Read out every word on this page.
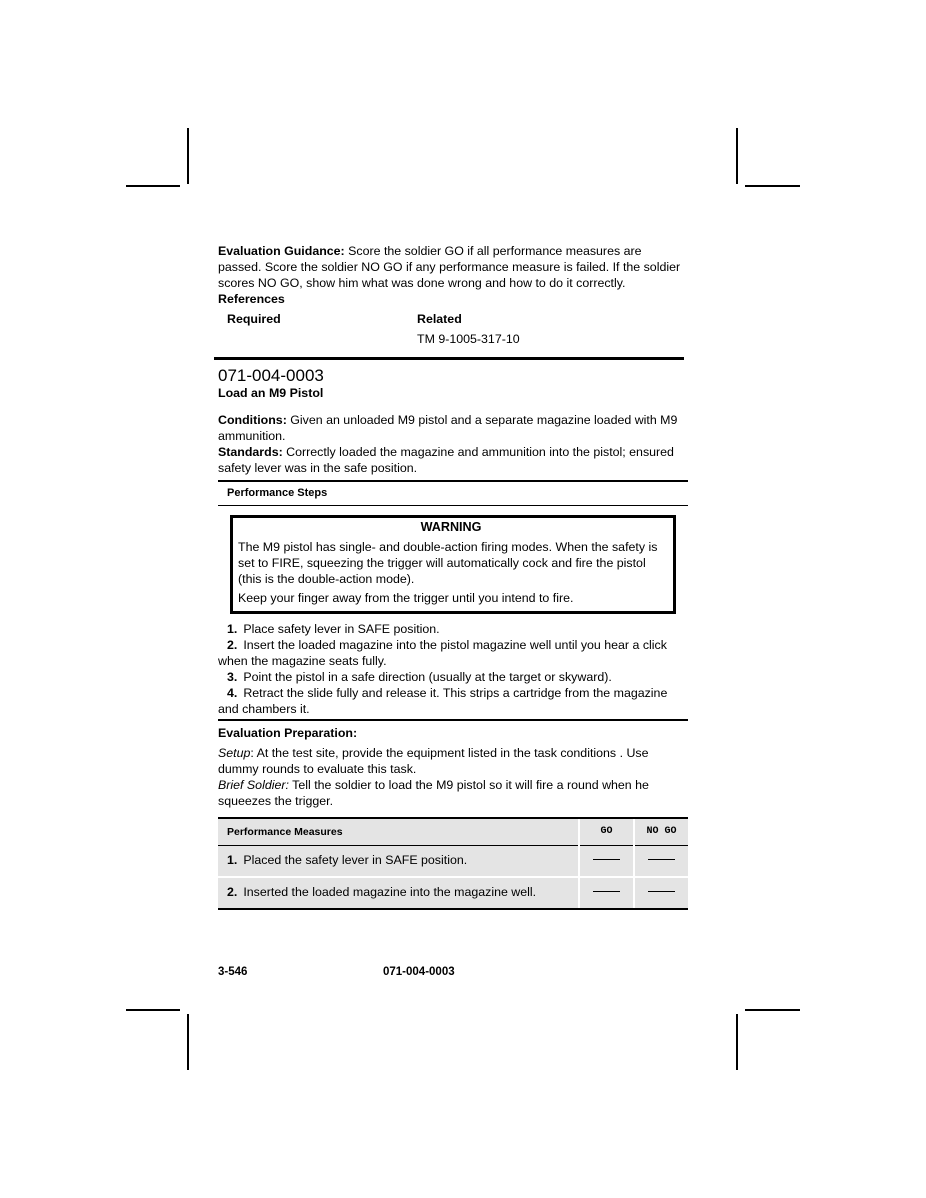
Evaluation Guidance: Score the soldier GO if all performance measures are passed. Score the soldier NO GO if any performance measure is failed. If the soldier scores NO GO, show him what was done wrong and how to do it correctly.

References
Required	Related
TM 9-1005-317-10
071-004-0003
Load an M9 Pistol

Conditions: Given an unloaded M9 pistol and a separate magazine loaded with M9 ammunition.

Standards: Correctly loaded the magazine and ammunition into the pistol; ensured safety lever was in the safe position.

Performance Steps
WARNING

The M9 pistol has single- and double-action firing modes. When the safety is set to FIRE, squeezing the trigger will automatically cock and fire the pistol (this is the double-action mode).

Keep your finger away from the trigger until you intend to fire.

1. Place safety lever in SAFE position.

2. Insert the loaded magazine into the pistol magazine well until you hear a click when the magazine seats fully.

3. Point the pistol in a safe direction (usually at the target or skyward).

4. Retract the slide fully and release it. This strips a cartridge from the magazine and chambers it.

Evaluation Preparation:

Setup: At the test site, provide the equipment listed in the task conditions . Use dummy rounds to evaluate this task.

Brief Soldier: Tell the soldier to load the M9 pistol so it will fire a round when he squeezes the trigger.

Performance Measures	GO	NO GO
1. Placed the safety lever in SAFE position.		
2. Inserted the loaded magazine into the magazine well.		
3-546	071-004-0003
